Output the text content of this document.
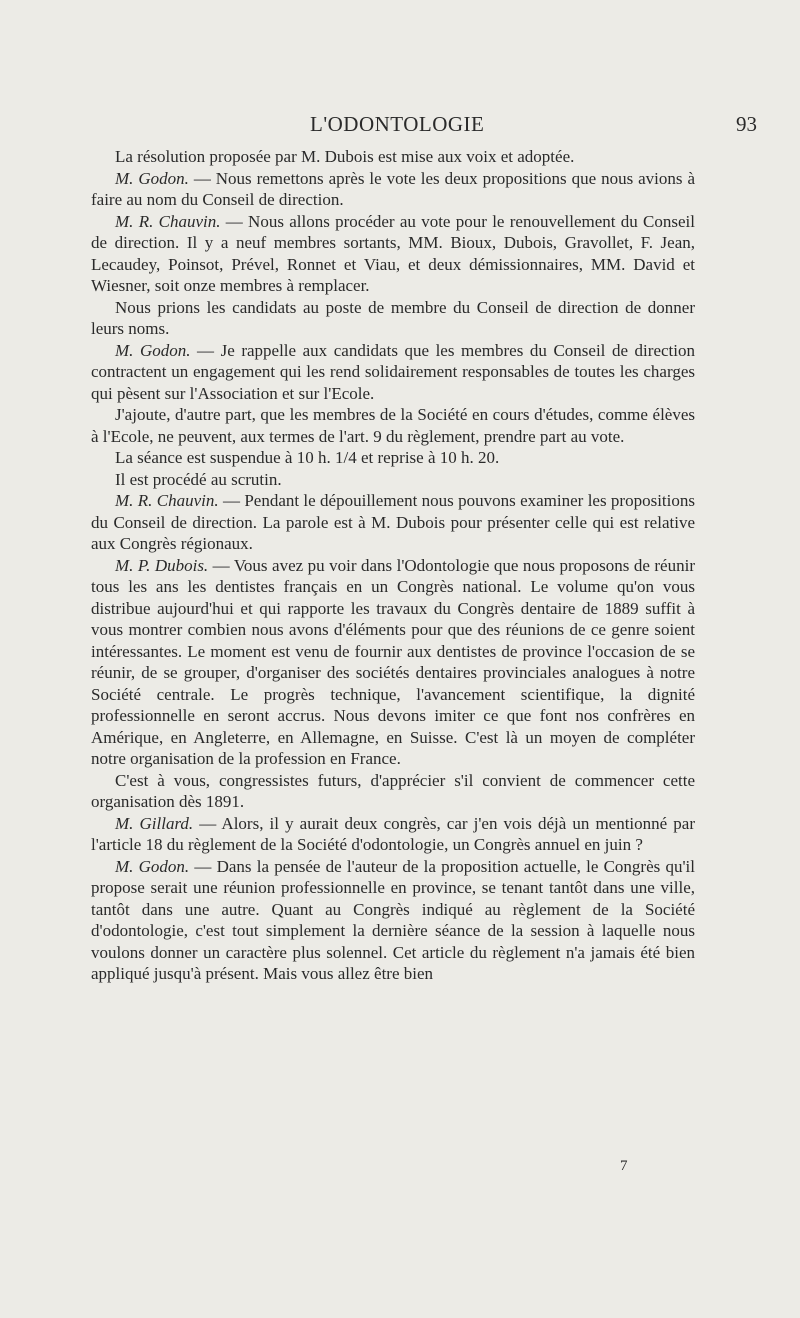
L'ODONTOLOGIE	93

La résolution proposée par M. Dubois est mise aux voix et adoptée.

M. Godon. — Nous remettons après le vote les deux propositions que nous avions à faire au nom du Conseil de direction.

M. R. Chauvin. — Nous allons procéder au vote pour le renouvellement du Conseil de direction. Il y a neuf membres sortants, MM. Bioux, Dubois, Gravollet, F. Jean, Lecaudey, Poinsot, Prével, Ronnet et Viau, et deux démissionnaires, MM. David et Wiesner, soit onze membres à remplacer.

Nous prions les candidats au poste de membre du Conseil de direction de donner leurs noms.

M. Godon. — Je rappelle aux candidats que les membres du Conseil de direction contractent un engagement qui les rend solidairement responsables de toutes les charges qui pèsent sur l'Association et sur l'Ecole.

J'ajoute, d'autre part, que les membres de la Société en cours d'études, comme élèves à l'Ecole, ne peuvent, aux termes de l'art. 9 du règlement, prendre part au vote.

La séance est suspendue à 10 h. 1/4 et reprise à 10 h. 20.

Il est procédé au scrutin.

M. R. Chauvin. — Pendant le dépouillement nous pouvons examiner les propositions du Conseil de direction. La parole est à M. Dubois pour présenter celle qui est relative aux Congrès régionaux.

M. P. Dubois. — Vous avez pu voir dans l'Odontologie que nous proposons de réunir tous les ans les dentistes français en un Congrès national. Le volume qu'on vous distribue aujourd'hui et qui rapporte les travaux du Congrès dentaire de 1889 suffit à vous montrer combien nous avons d'éléments pour que des réunions de ce genre soient intéressantes. Le moment est venu de fournir aux dentistes de province l'occasion de se réunir, de se grouper, d'organiser des sociétés dentaires provinciales analogues à notre Société centrale. Le progrès technique, l'avancement scientifique, la dignité professionnelle en seront accrus. Nous devons imiter ce que font nos confrères en Amérique, en Angleterre, en Allemagne, en Suisse. C'est là un moyen de compléter notre organisation de la profession en France.

C'est à vous, congressistes futurs, d'apprécier s'il convient de commencer cette organisation dès 1891.

M. Gillard. — Alors, il y aurait deux congrès, car j'en vois déjà un mentionné par l'article 18 du règlement de la Société d'odontologie, un Congrès annuel en juin ?

M. Godon. — Dans la pensée de l'auteur de la proposition actuelle, le Congrès qu'il propose serait une réunion professionnelle en province, se tenant tantôt dans une ville, tantôt dans une autre. Quant au Congrès indiqué au règlement de la Société d'odontologie, c'est tout simplement la dernière séance de la session à laquelle nous voulons donner un caractère plus solennel. Cet article du règlement n'a jamais été bien appliqué jusqu'à présent. Mais vous allez être bien

7
